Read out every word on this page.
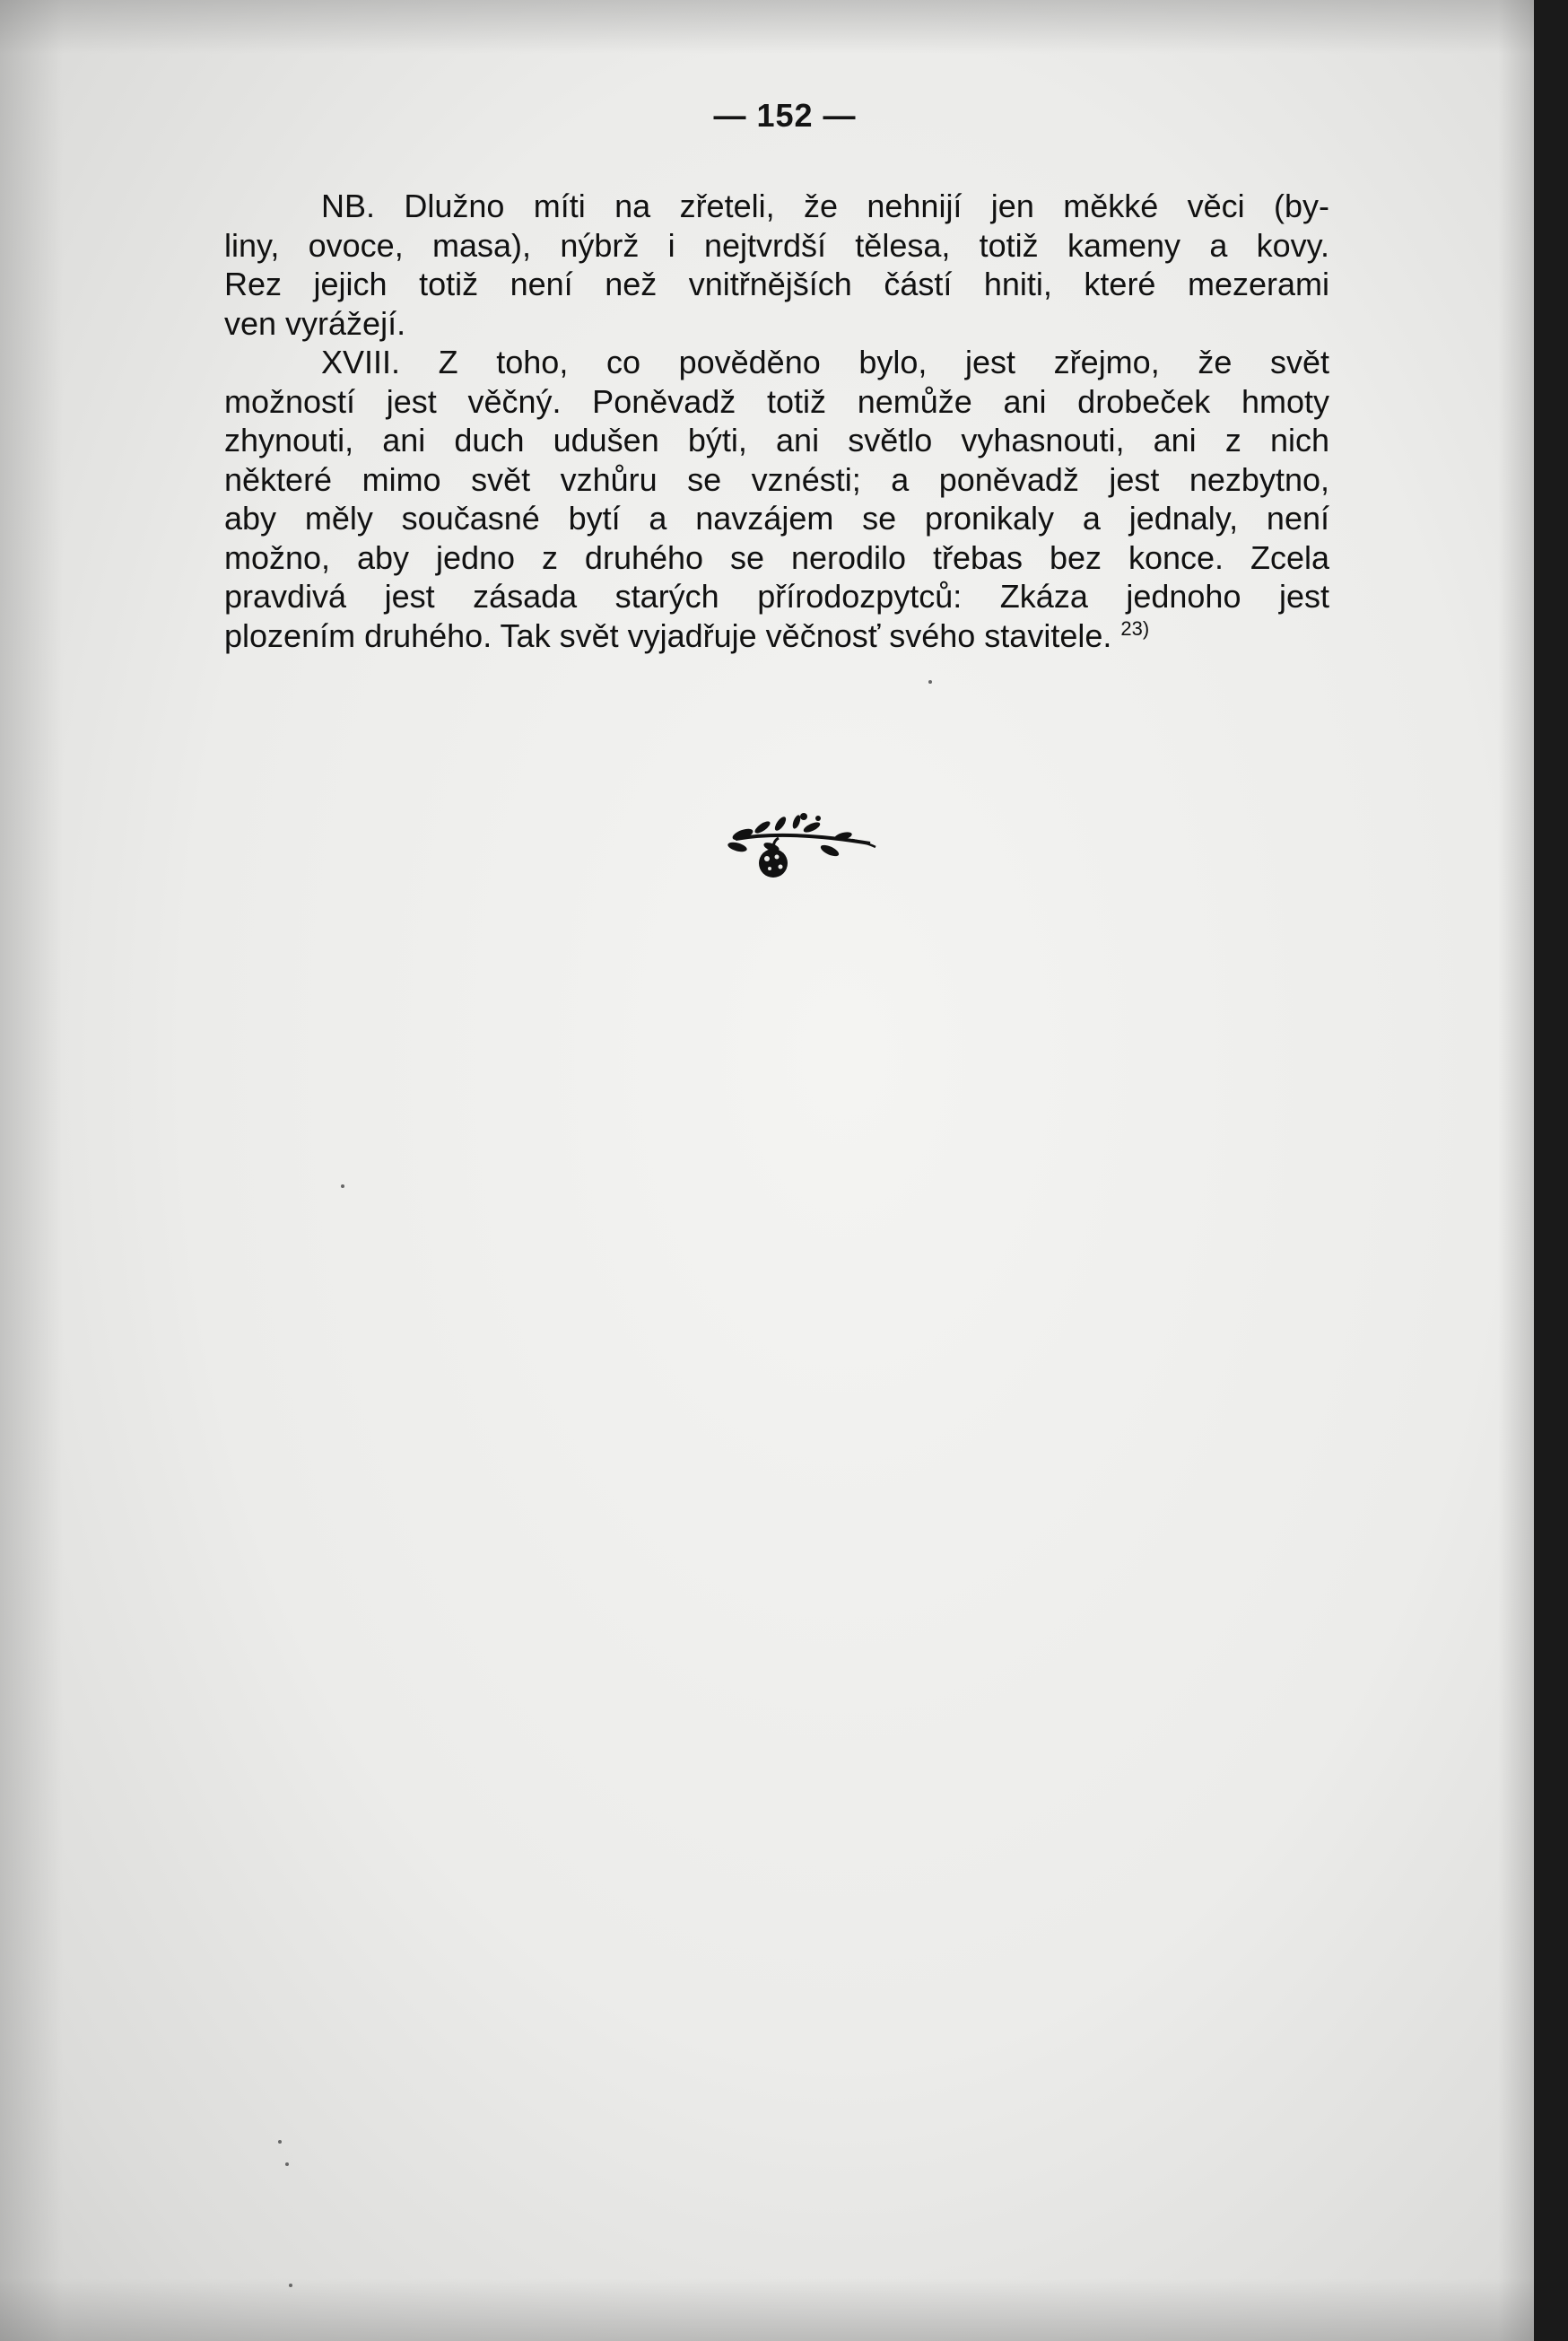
— 152 —
NB. Dlužno míti na zřeteli, že nehnijí jen měkké věci (by-
liny, ovoce, masa), nýbrž i nejtvrdší tělesa, totiž kameny a kovy.
Rez jejich totiž není než vnitřnějších částí hniti, které mezerami
ven vyrážejí.
XVIII. Z toho, co pověděno bylo, jest zřejmo, že svět
možností jest věčný. Poněvadž totiž nemůže ani drobeček hmoty
zhynouti, ani duch udušen býti, ani světlo vyhasnouti, ani z nich
některé mimo svět vzhůru se vznésti; a poněvadž jest nezbytno,
aby měly současné bytí a navzájem se pronikaly a jednaly, není
možno, aby jedno z druhého se nerodilo třebas bez konce. Zcela
pravdivá jest zásada starých přírodozpytců: Zkáza jednoho jest
plozením druhého. Tak svět vyjadřuje věčnosť svého stavitele. $^{23)}$
